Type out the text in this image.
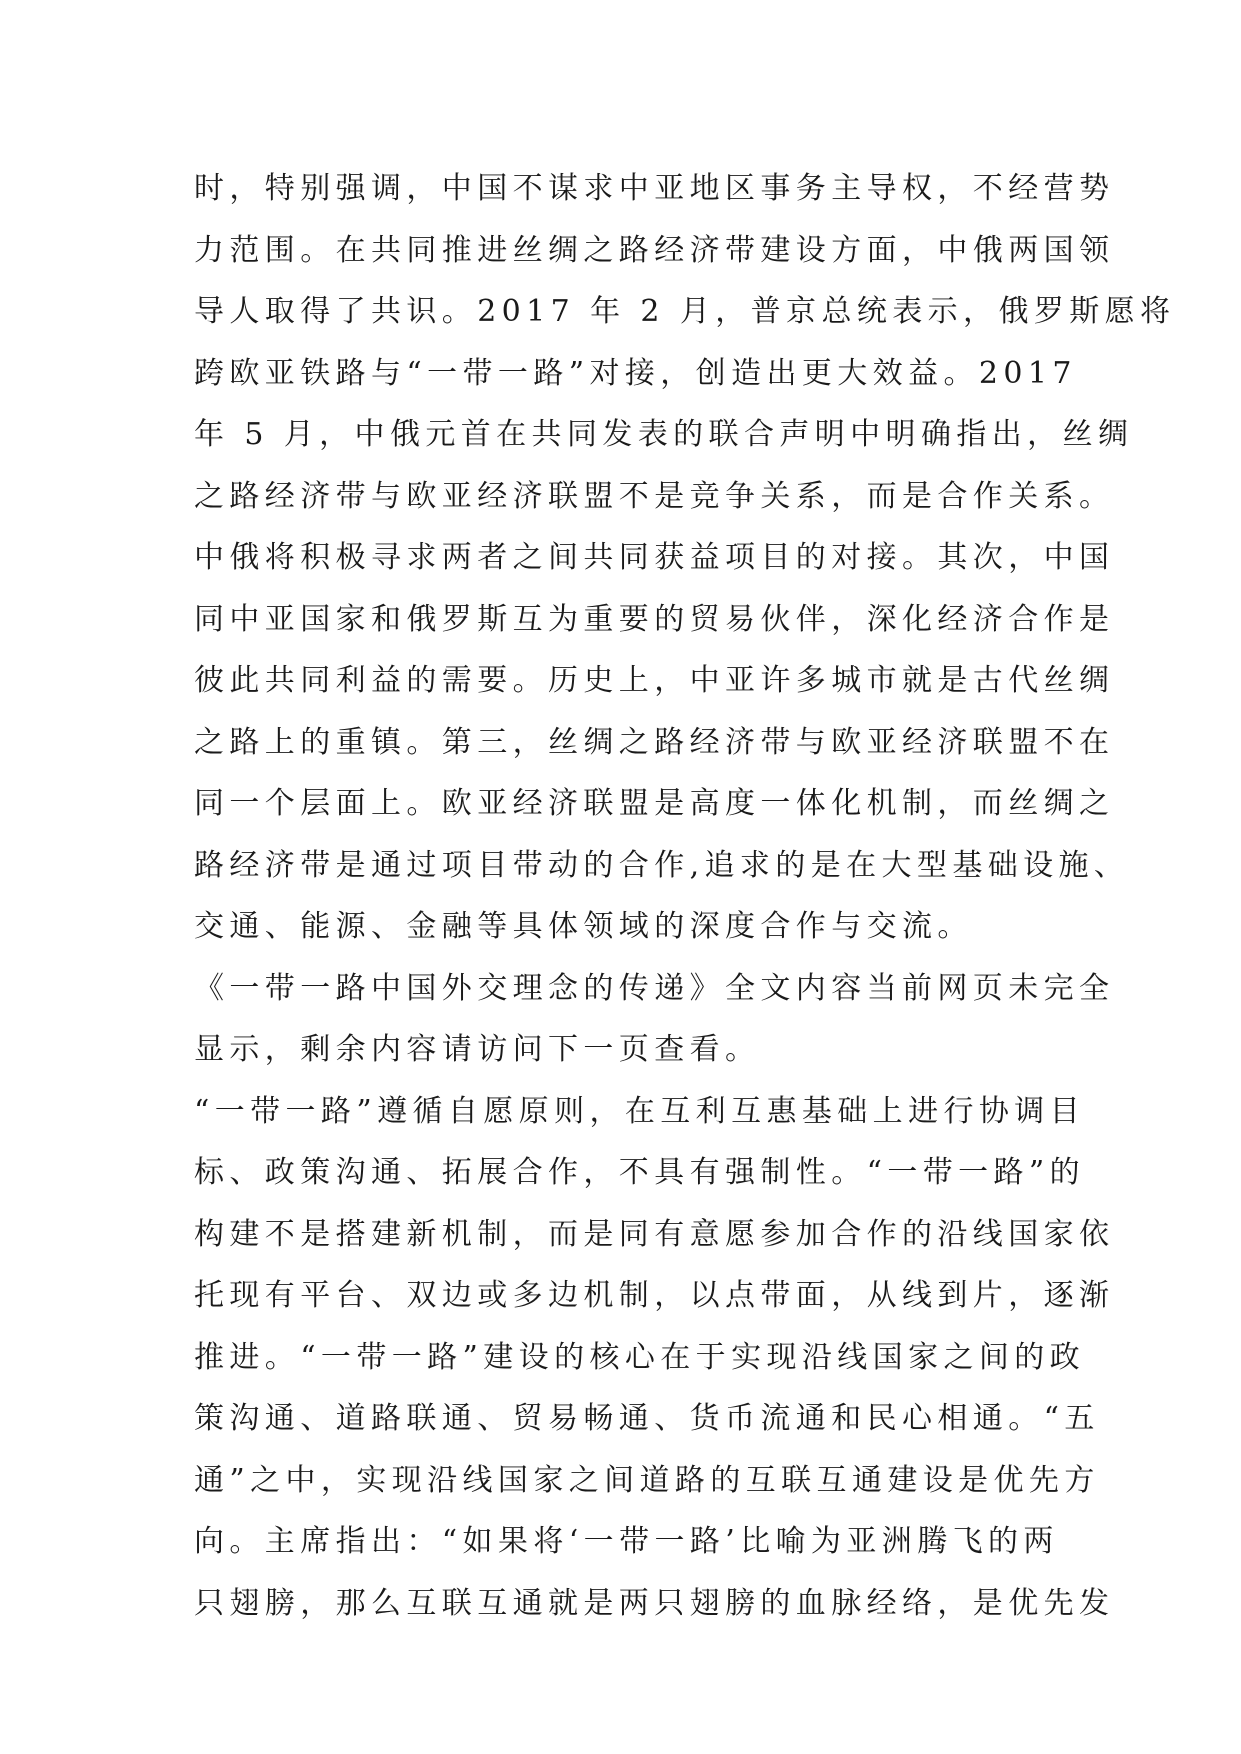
时，特别强调，中国不谋求中亚地区事务主导权，不经营势
力范围。在共同推进丝绸之路经济带建设方面，中俄两国领
导人取得了共识。2017 年 2 月，普京总统表示，俄罗斯愿将
跨欧亚铁路与“一带一路”对接，创造出更大效益。2017
年 5 月，中俄元首在共同发表的联合声明中明确指出，丝绸
之路经济带与欧亚经济联盟不是竞争关系，而是合作关系。
中俄将积极寻求两者之间共同获益项目的对接。其次，中国
同中亚国家和俄罗斯互为重要的贸易伙伴，深化经济合作是
彼此共同利益的需要。历史上，中亚许多城市就是古代丝绸
之路上的重镇。第三，丝绸之路经济带与欧亚经济联盟不在
同一个层面上。欧亚经济联盟是高度一体化机制，而丝绸之
路经济带是通过项目带动的合作,追求的是在大型基础设施、
交通、能源、金融等具体领域的深度合作与交流。
《一带一路中国外交理念的传递》全文内容当前网页未完全
显示，剩余内容请访问下一页查看。
“一带一路”遵循自愿原则，在互利互惠基础上进行协调目
标、政策沟通、拓展合作，不具有强制性。“一带一路”的
构建不是搭建新机制，而是同有意愿参加合作的沿线国家依
托现有平台、双边或多边机制，以点带面，从线到片，逐渐
推进。“一带一路”建设的核心在于实现沿线国家之间的政
策沟通、道路联通、贸易畅通、货币流通和民心相通。“五
通”之中，实现沿线国家之间道路的互联互通建设是优先方
向。主席指出：“如果将‘一带一路’比喻为亚洲腾飞的两
只翅膀，那么互联互通就是两只翅膀的血脉经络，是优先发
